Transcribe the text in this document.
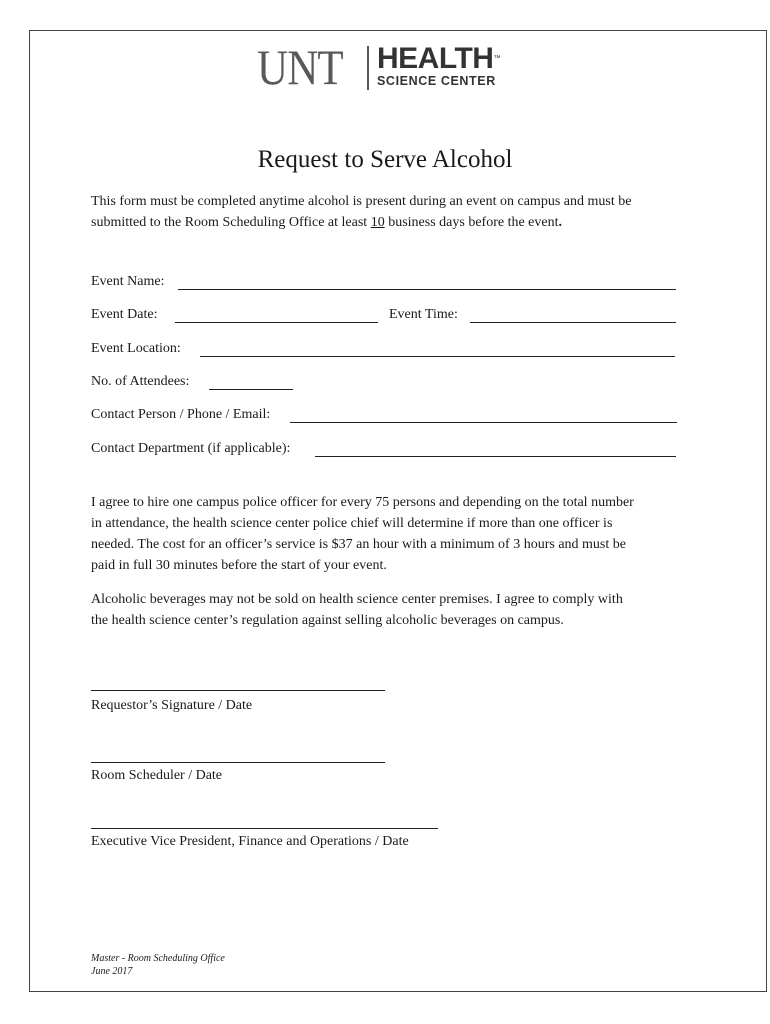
UNT HEALTH™
SCIENCE CENTER
Request to Serve Alcohol
This form must be completed anytime alcohol is present during an event on campus and must be
submitted to the Room Scheduling Office at least 10 business days before the event.
Event Name:
Event Date:	Event Time:
Event Location:
No. of Attendees:
Contact Person / Phone / Email:
Contact Department (if applicable):
I agree to hire one campus police officer for every 75 persons and depending on the total number
in attendance, the health science center police chief will determine if more than one officer is
needed. The cost for an officer’s service is $37 an hour with a minimum of 3 hours and must be
paid in full 30 minutes before the start of your event.
Alcoholic beverages may not be sold on health science center premises. I agree to comply with
the health science center’s regulation against selling alcoholic beverages on campus.
Requestor’s Signature / Date
Room Scheduler / Date
Executive Vice President, Finance and Operations / Date
Master - Room Scheduling Office
June 2017
